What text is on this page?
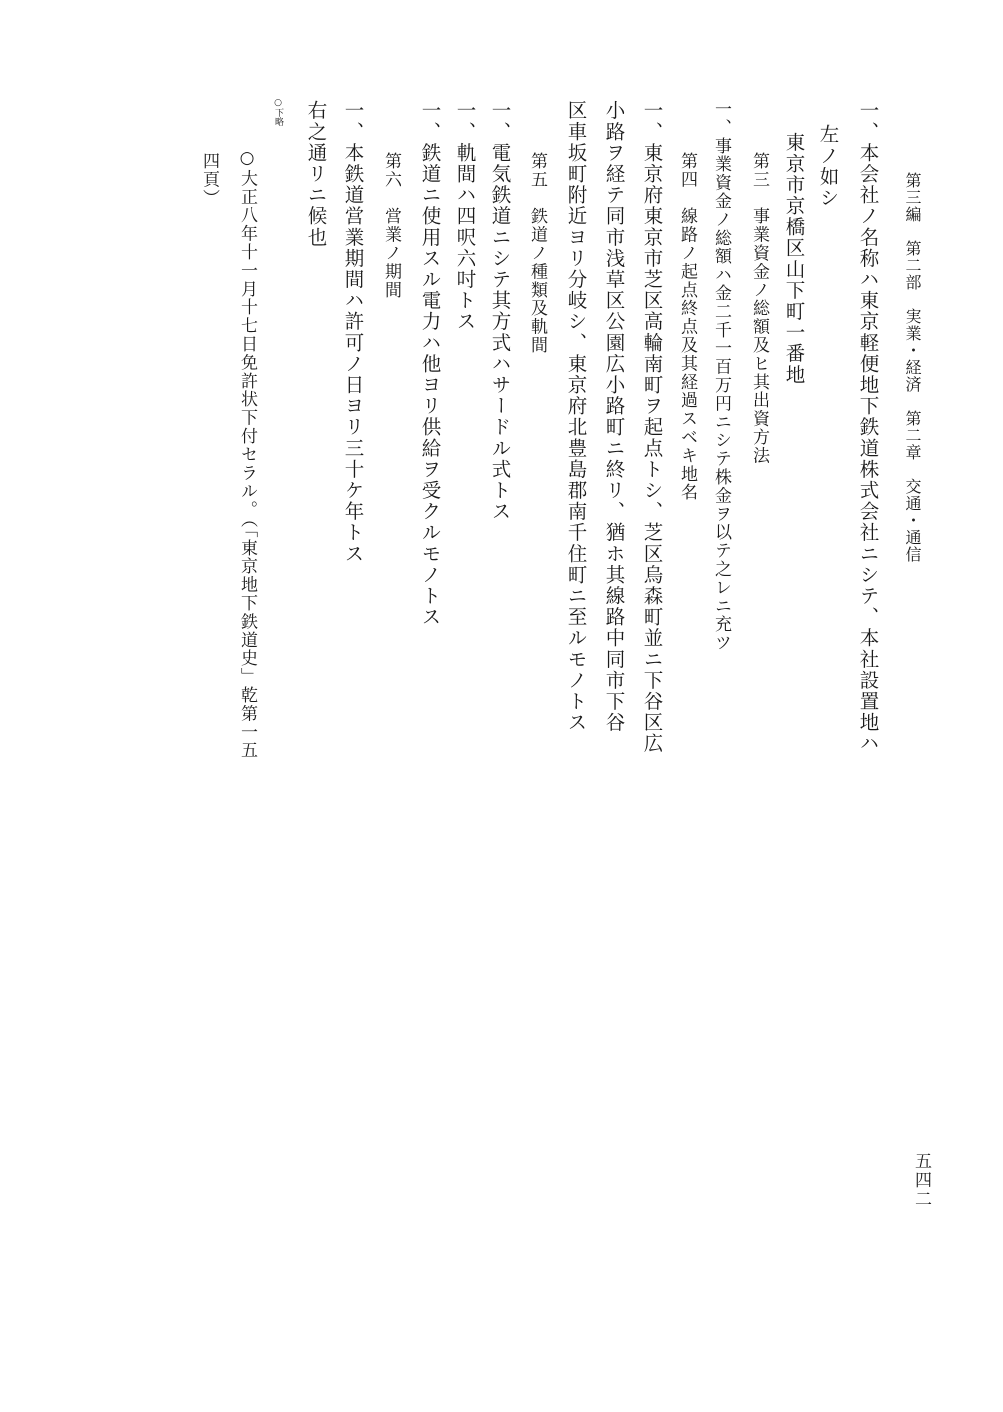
第三編　第二部　実業・経済　第二章　交通・通信
一、本会社ノ名称ハ東京軽便地下鉄道株式会社ニシテ、本社設置地ハ
左ノ如シ
東京市京橋区山下町一番地
第三　事業資金ノ総額及ヒ其出資方法
一、事業資金ノ総額ハ金二千一百万円ニシテ株金ヲ以テ之レニ充ツ
第四　線路ノ起点終点及其経過スベキ地名
一、東京府東京市芝区高輪南町ヲ起点トシ、芝区烏森町並ニ下谷区広
小路ヲ経テ同市浅草区公園広小路町ニ終リ、猶ホ其線路中同市下谷
区車坂町附近ヨリ分岐シ、東京府北豊島郡南千住町ニ至ルモノトス
第五　鉄道ノ種類及軌間
一、電気鉄道ニシテ其方式ハサードル式トス
一、軌間ハ四呎六吋トス
一、鉄道ニ使用スル電力ハ他ヨリ供給ヲ受クルモノトス
第六　営業ノ期間
一、本鉄道営業期間ハ許可ノ日ヨリ三十ケ年トス
右之通リニ候也
○下略
○大正八年十一月十七日免許状下付セラル。（「東京地下鉄道史」乾第一五
四頁）
五四二
